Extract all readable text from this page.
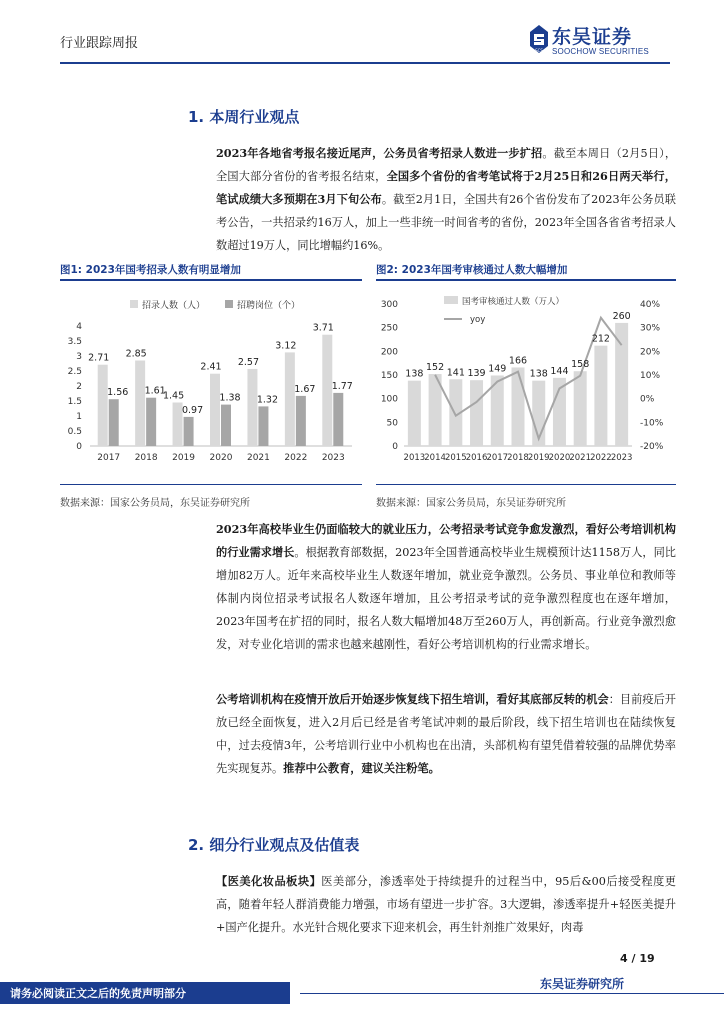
行业跟踪周报	SCS
东吴证券
SOOCHOW SECURITIES
1. 本周行业观点

2023年各地省考报名接近尾声，公务员省考招录人数进一步扩招。截至本周日（2月5日），全国大部分省份的省考报名结束，全国多个省份的省考笔试将于2月25日和26日两天举行，笔试成绩大多预期在3月下旬公布。截至2月1日，全国共有26个省份发布了2023年公务员联考公告，一共招录约16万人，加上一些非统一时间省考的省份，2023年全国各省省考招录人数超过19万人，同比增幅约16%。

图1: 2023年国考招录人数有明显增加	图2: 2023年国考审核通过人数大幅增加
招录人数（人）	招聘岗位（个）
0
0.5
1
1.5
2
2.5
3
3.5
4
2017
2.71
1.56
2018
2.85
1.61
2019
1.45
0.97
2020
2.41
1.38
2021
2.57
1.32
2022
3.12
1.67
2023
3.71
1.77
国考审核通过人数（万人）
yoy
0
50
100
150
200
250
300
-20%
-10%
0%
10%
20%
30%
40%
2013 2014 2015 2016 2017 2018 2019 2020 2021 2022 2023
138
152 141 139 149
166
138 144
158
212
260
数据来源：国家公务员局，东吴证券研究所	数据来源：国家公务员局，东吴证券研究所

2023年高校毕业生仍面临较大的就业压力，公考招录考试竞争愈发激烈，看好公考培训机构的行业需求增长。根据教育部数据，2023年全国普通高校毕业生规模预计达1158万人，同比增加82万人。近年来高校毕业生人数逐年增加，就业竞争激烈。公务员、事业单位和教师等体制内岗位招录考试报名人数逐年增加，且公考招录考试的竞争激烈程度也在逐年增加，2023年国考在扩招的同时，报名人数大幅增加48万至260万人，再创新高。行业竞争激烈愈发，对专业化培训的需求也越来越刚性，看好公考培训机构的行业需求增长。

公考培训机构在疫情开放后开始逐步恢复线下招生培训，看好其底部反转的机会：目前疫后开放已经全面恢复，进入2月后已经是省考笔试冲刺的最后阶段，线下招生培训也在陆续恢复中，过去疫情3年，公考培训行业中小机构也在出清，头部机构有望凭借着较强的品牌优势率先实现复苏。推荐中公教育，建议关注粉笔。

2. 细分行业观点及估值表

【医美化妆品板块】医美部分，渗透率处于持续提升的过程当中，95后&00后接受程度更高，随着年轻人群消费能力增强，市场有望进一步扩容。3大逻辑，渗透率提升+轻医美提升+国产化提升。水光针合规化要求下迎来机会，再生针剂推广效果好，肉毒

4 / 19
请务必阅读正文之后的免责声明部分
东吴证券研究所
